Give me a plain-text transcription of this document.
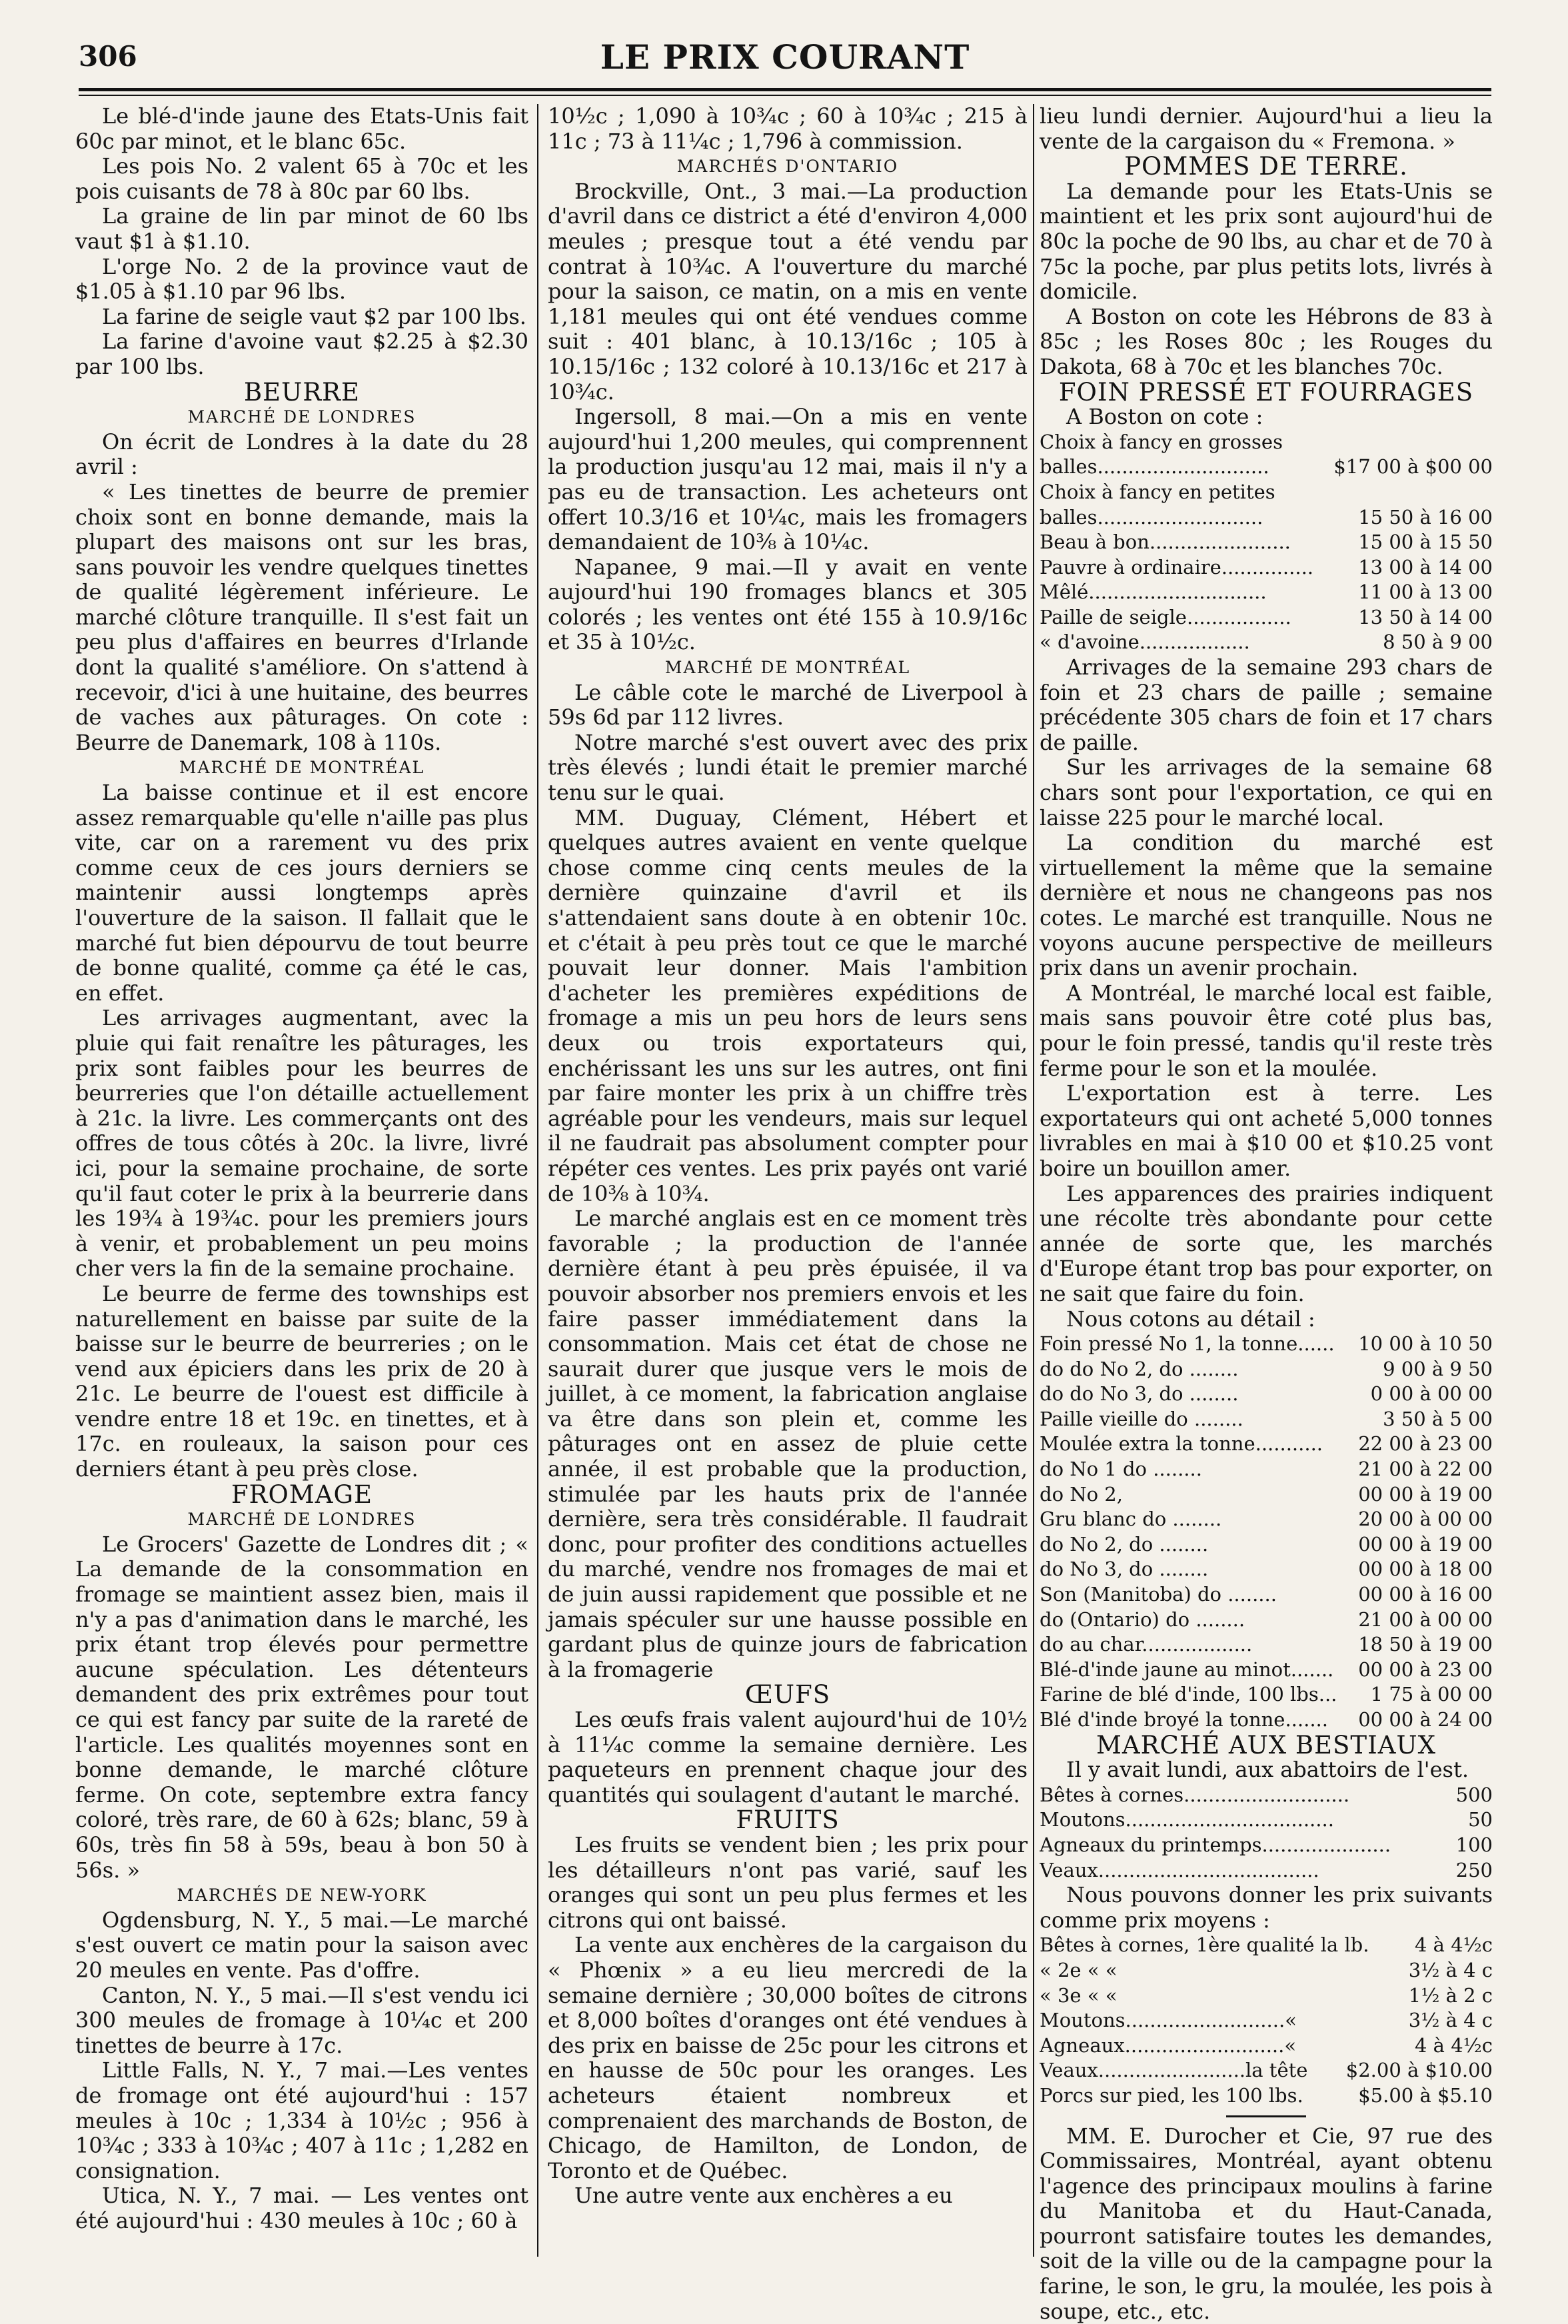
306	LE PRIX COURANT

Le blé-d'inde jaune des Etats-Unis fait 60c par minot, et le blanc 65c.

Les pois No. 2 valent 65 à 70c et les pois cuisants de 78 à 80c par 60 lbs.

La graine de lin par minot de 60 lbs vaut $1 à $1.10.

L'orge No. 2 de la province vaut de $1.05 à $1.10 par 96 lbs.

La farine de seigle vaut $2 par 100 lbs.

La farine d'avoine vaut $2.25 à $2.30 par 100 lbs.

BEURRE

MARCHÉ DE LONDRES

On écrit de Londres à la date du 28 avril :

« Les tinettes de beurre de premier choix sont en bonne demande, mais la plupart des maisons ont sur les bras, sans pouvoir les vendre quelques tinettes de qualité légèrement inférieure. Le marché clôture tranquille. Il s'est fait un peu plus d'affaires en beurres d'Irlande dont la qualité s'améliore. On s'attend à recevoir, d'ici à une huitaine, des beurres de vaches aux pâturages. On cote : Beurre de Danemark, 108 à 110s.

MARCHÉ DE MONTRÉAL

La baisse continue et il est encore assez remarquable qu'elle n'aille pas plus vite, car on a rarement vu des prix comme ceux de ces jours derniers se maintenir aussi longtemps après l'ouverture de la saison. Il fallait que le marché fut bien dépourvu de tout beurre de bonne qualité, comme ça été le cas, en effet.

Les arrivages augmentant, avec la pluie qui fait renaître les pâturages, les prix sont faibles pour les beurres de beurreries que l'on détaille actuellement à 21c. la livre. Les commerçants ont des offres de tous côtés à 20c. la livre, livré ici, pour la semaine prochaine, de sorte qu'il faut coter le prix à la beurrerie dans les 19¾ à 19¾c. pour les premiers jours à venir, et probablement un peu moins cher vers la fin de la semaine prochaine.

Le beurre de ferme des townships est naturellement en baisse par suite de la baisse sur le beurre de beurreries ; on le vend aux épiciers dans les prix de 20 à 21c. Le beurre de l'ouest est difficile à vendre entre 18 et 19c. en tinettes, et à 17c. en rouleaux, la saison pour ces derniers étant à peu près close.

FROMAGE

MARCHÉ DE LONDRES

Le Grocers' Gazette de Londres dit ; « La demande de la consommation en fromage se maintient assez bien, mais il n'y a pas d'animation dans le marché, les prix étant trop élevés pour permettre aucune spéculation. Les détenteurs demandent des prix extrêmes pour tout ce qui est fancy par suite de la rareté de l'article. Les qualités moyennes sont en bonne demande, le marché clôture ferme. On cote, septembre extra fancy coloré, très rare, de 60 à 62s; blanc, 59 à 60s, très fin 58 à 59s, beau à bon 50 à 56s. »

MARCHÉS DE NEW-YORK

Ogdensburg, N. Y., 5 mai.—Le marché s'est ouvert ce matin pour la saison avec 20 meules en vente. Pas d'offre.

Canton, N. Y., 5 mai.—Il s'est vendu ici 300 meules de fromage à 10¼c et 200 tinettes de beurre à 17c.

Little Falls, N. Y., 7 mai.—Les ventes de fromage ont été aujourd'hui : 157 meules à 10c ; 1,334 à 10½c ; 956 à 10¾c ; 333 à 10¾c ; 407 à 11c ; 1,282 en consignation.

Utica, N. Y., 7 mai. — Les ventes ont été aujourd'hui : 430 meules à 10c ; 60 à

10½c ; 1,090 à 10¾c ; 60 à 10¾c ; 215 à 11c ; 73 à 11¼c ; 1,796 à commission.

MARCHÉS D'ONTARIO

Brockville, Ont., 3 mai.—La production d'avril dans ce district a été d'environ 4,000 meules ; presque tout a été vendu par contrat à 10¾c. A l'ouverture du marché pour la saison, ce matin, on a mis en vente 1,181 meules qui ont été vendues comme suit : 401 blanc, à 10.13/16c ; 105 à 10.15/16c ; 132 coloré à 10.13/16c et 217 à 10¾c.

Ingersoll, 8 mai.—On a mis en vente aujourd'hui 1,200 meules, qui comprennent la production jusqu'au 12 mai, mais il n'y a pas eu de transaction. Les acheteurs ont offert 10.3/16 et 10¼c, mais les fromagers demandaient de 10⅜ à 10¼c.

Napanee, 9 mai.—Il y avait en vente aujourd'hui 190 fromages blancs et 305 colorés ; les ventes ont été 155 à 10.9/16c et 35 à 10½c.

MARCHÉ DE MONTRÉAL

Le câble cote le marché de Liverpool à 59s 6d par 112 livres.

Notre marché s'est ouvert avec des prix très élevés ; lundi était le premier marché tenu sur le quai.

MM. Duguay, Clément, Hébert et quelques autres avaient en vente quelque chose comme cinq cents meules de la dernière quinzaine d'avril et ils s'attendaient sans doute à en obtenir 10c. et c'était à peu près tout ce que le marché pouvait leur donner. Mais l'ambition d'acheter les premières expéditions de fromage a mis un peu hors de leurs sens deux ou trois exportateurs qui, enchérissant les uns sur les autres, ont fini par faire monter les prix à un chiffre très agréable pour les vendeurs, mais sur lequel il ne faudrait pas absolument compter pour répéter ces ventes. Les prix payés ont varié de 10⅜ à 10¾.

Le marché anglais est en ce moment très favorable ; la production de l'année dernière étant à peu près épuisée, il va pouvoir absorber nos premiers envois et les faire passer immédiatement dans la consommation. Mais cet état de chose ne saurait durer que jusque vers le mois de juillet, à ce moment, la fabrication anglaise va être dans son plein et, comme les pâturages ont en assez de pluie cette année, il est probable que la production, stimulée par les hauts prix de l'année dernière, sera très considérable. Il faudrait donc, pour profiter des conditions actuelles du marché, vendre nos fromages de mai et de juin aussi rapidement que possible et ne jamais spéculer sur une hausse possible en gardant plus de quinze jours de fabrication à la fromagerie

ŒUFS

Les œufs frais valent aujourd'hui de 10½ à 11¼c comme la semaine dernière. Les paqueteurs en prennent chaque jour des quantités qui soulagent d'autant le marché.

FRUITS

Les fruits se vendent bien ; les prix pour les détailleurs n'ont pas varié, sauf les oranges qui sont un peu plus fermes et les citrons qui ont baissé.

La vente aux enchères de la cargaison du « Phœnix » a eu lieu mercredi de la semaine dernière ; 30,000 boîtes de citrons et 8,000 boîtes d'oranges ont été vendues à des prix en baisse de 25c pour les citrons et en hausse de 50c pour les oranges. Les acheteurs étaient nombreux et comprenaient des marchands de Boston, de Chicago, de Hamilton, de London, de Toronto et de Québec.

Une autre vente aux enchères a eu

lieu lundi dernier. Aujourd'hui a lieu la vente de la cargaison du « Fremona. »

POMMES DE TERRE.

La demande pour les Etats-Unis se maintient et les prix sont aujourd'hui de 80c la poche de 90 lbs, au char et de 70 à 75c la poche, par plus petits lots, livrés à domicile.

A Boston on cote les Hébrons de 83 à 85c ; les Roses 80c ; les Rouges du Dakota, 68 à 70c et les blanches 70c.

FOIN PRESSÉ ET FOURRAGES

A Boston on cote :

Choix à fancy en grosses
balles............................	$17 00 à $00 00
Choix à fancy en petites
balles...........................	15 50 à 16 00
Beau à bon.......................	15 00 à 15 50
Pauvre à ordinaire...............	13 00 à 14 00
Mêlé.............................	11 00 à 13 00
Paille de seigle.................	13 50 à 14 00
« d'avoine..................	8 50 à 9 00

Arrivages de la semaine 293 chars de foin et 23 chars de paille ; semaine précédente 305 chars de foin et 17 chars de paille.

Sur les arrivages de la semaine 68 chars sont pour l'exportation, ce qui en laisse 225 pour le marché local.

La condition du marché est virtuellement la même que la semaine dernière et nous ne changeons pas nos cotes. Le marché est tranquille. Nous ne voyons aucune perspective de meilleurs prix dans un avenir prochain.

A Montréal, le marché local est faible, mais sans pouvoir être coté plus bas, pour le foin pressé, tandis qu'il reste très ferme pour le son et la moulée.

L'exportation est à terre. Les exportateurs qui ont acheté 5,000 tonnes livrables en mai à $10 00 et $10.25 vont boire un bouillon amer.

Les apparences des prairies indiquent une récolte très abondante pour cette année de sorte que, les marchés d'Europe étant trop bas pour exporter, on ne sait que faire du foin.

Nous cotons au détail :

Foin pressé No 1, la tonne......	10 00 à 10 50
do do No 2, do ........	9 00 à 9 50
do do No 3, do ........	0 00 à 00 00
Paille vieille do ........	3 50 à 5 00
Moulée extra la tonne...........	22 00 à 23 00
do No 1 do ........	21 00 à 22 00
do No 2,	00 00 à 19 00
Gru blanc do ........	20 00 à 00 00
do No 2, do ........	00 00 à 19 00
do No 3, do ........	00 00 à 18 00
Son (Manitoba) do ........	00 00 à 16 00
do (Ontario) do ........	21 00 à 00 00
do au char..................	18 50 à 19 00
Blé-d'inde jaune au minot.......	00 00 à 23 00
Farine de blé d'inde, 100 lbs...	1 75 à 00 00
Blé d'inde broyé la tonne.......	00 00 à 24 00

MARCHÉ AUX BESTIAUX

Il y avait lundi, aux abattoirs de l'est.

Bêtes à cornes...........................	500
Moutons..................................	50
Agneaux du printemps.....................	100
Veaux....................................	250

Nous pouvons donner les prix suivants comme prix moyens :

Bêtes à cornes, 1ère qualité la lb.	4 à 4½c
« 2e « «	3½ à 4 c
« 3e « «	1½ à 2 c
Moutons..........................«	3½ à 4 c
Agneaux..........................«	4 à 4½c
Veaux........................la tête	$2.00 à $10.00
Porcs sur pied, les 100 lbs.	$5.00 à $5.10

MM. E. Durocher et Cie, 97 rue des Commissaires, Montréal, ayant obtenu l'agence des principaux moulins à farine du Manitoba et du Haut-Canada, pourront satisfaire toutes les demandes, soit de la ville ou de la campagne pour la farine, le son, le gru, la moulée, les pois à soupe, etc., etc.
